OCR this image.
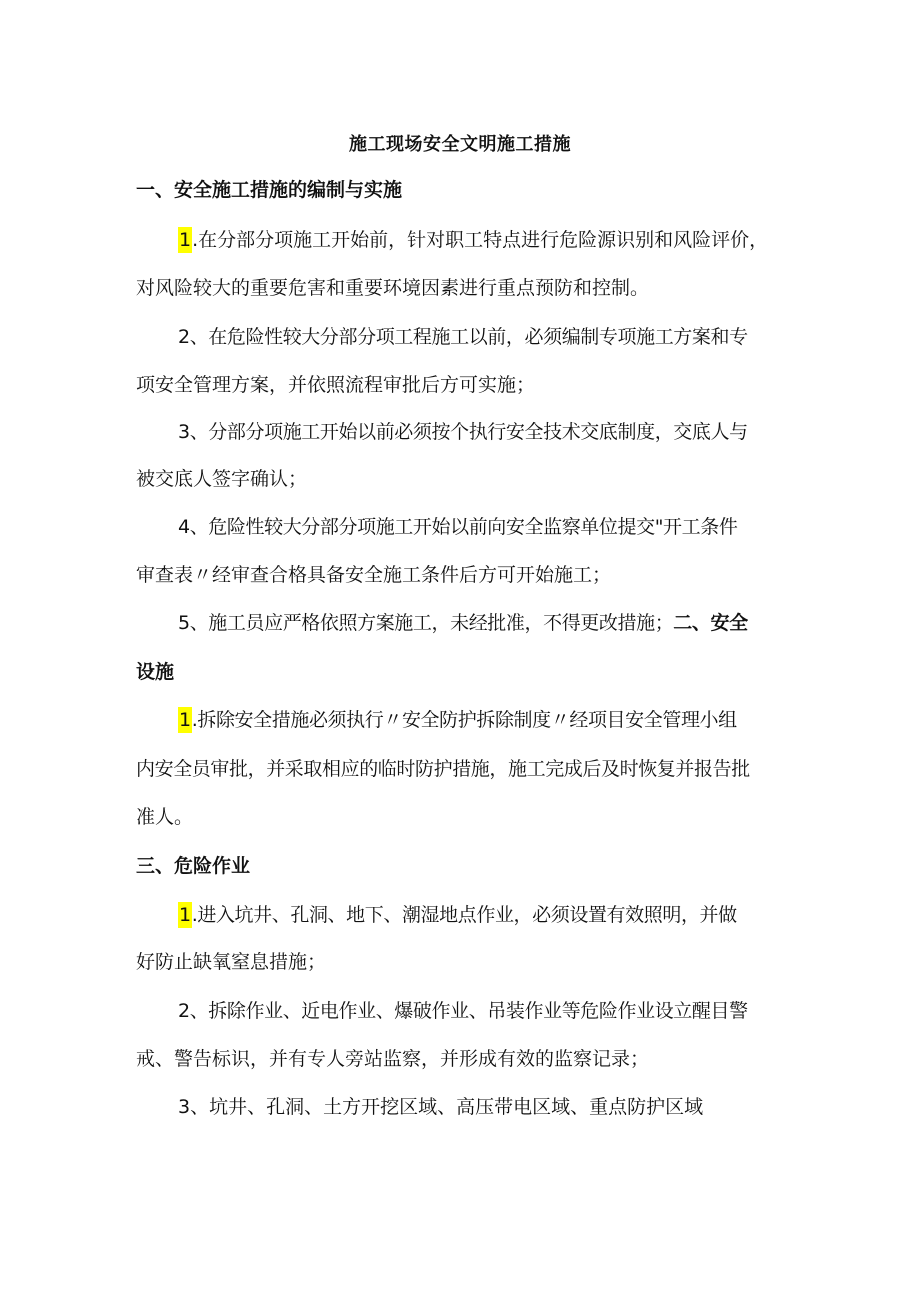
施工现场安全文明施工措施
一、安全施工措施的编制与实施
1.在分部分项施工开始前，针对职工特点进行危险源识别和风险评价，
对风险较大的重要危害和重要环境因素进行重点预防和控制。
2、在危险性较大分部分项工程施工以前，必须编制专项施工方案和专
项安全管理方案，并依照流程审批后方可实施；
3、分部分项施工开始以前必须按个执行安全技术交底制度，交底人与
被交底人签字确认；
4、危险性较大分部分项施工开始以前向安全监察单位提交"开工条件
审查表〃经审查合格具备安全施工条件后方可开始施工；
5、施工员应严格依照方案施工，未经批准，不得更改措施；二、安全
设施
1.拆除安全措施必须执行〃安全防护拆除制度〃经项目安全管理小组
内安全员审批，并采取相应的临时防护措施，施工完成后及时恢复并报告批
准人。
三、危险作业
1.进入坑井、孔洞、地下、潮湿地点作业，必须设置有效照明，并做
好防止缺氧窒息措施；
2、拆除作业、近电作业、爆破作业、吊装作业等危险作业设立醒目警
戒、警告标识，并有专人旁站监察，并形成有效的监察记录；
3、坑井、孔洞、土方开挖区域、高压带电区域、重点防护区域
